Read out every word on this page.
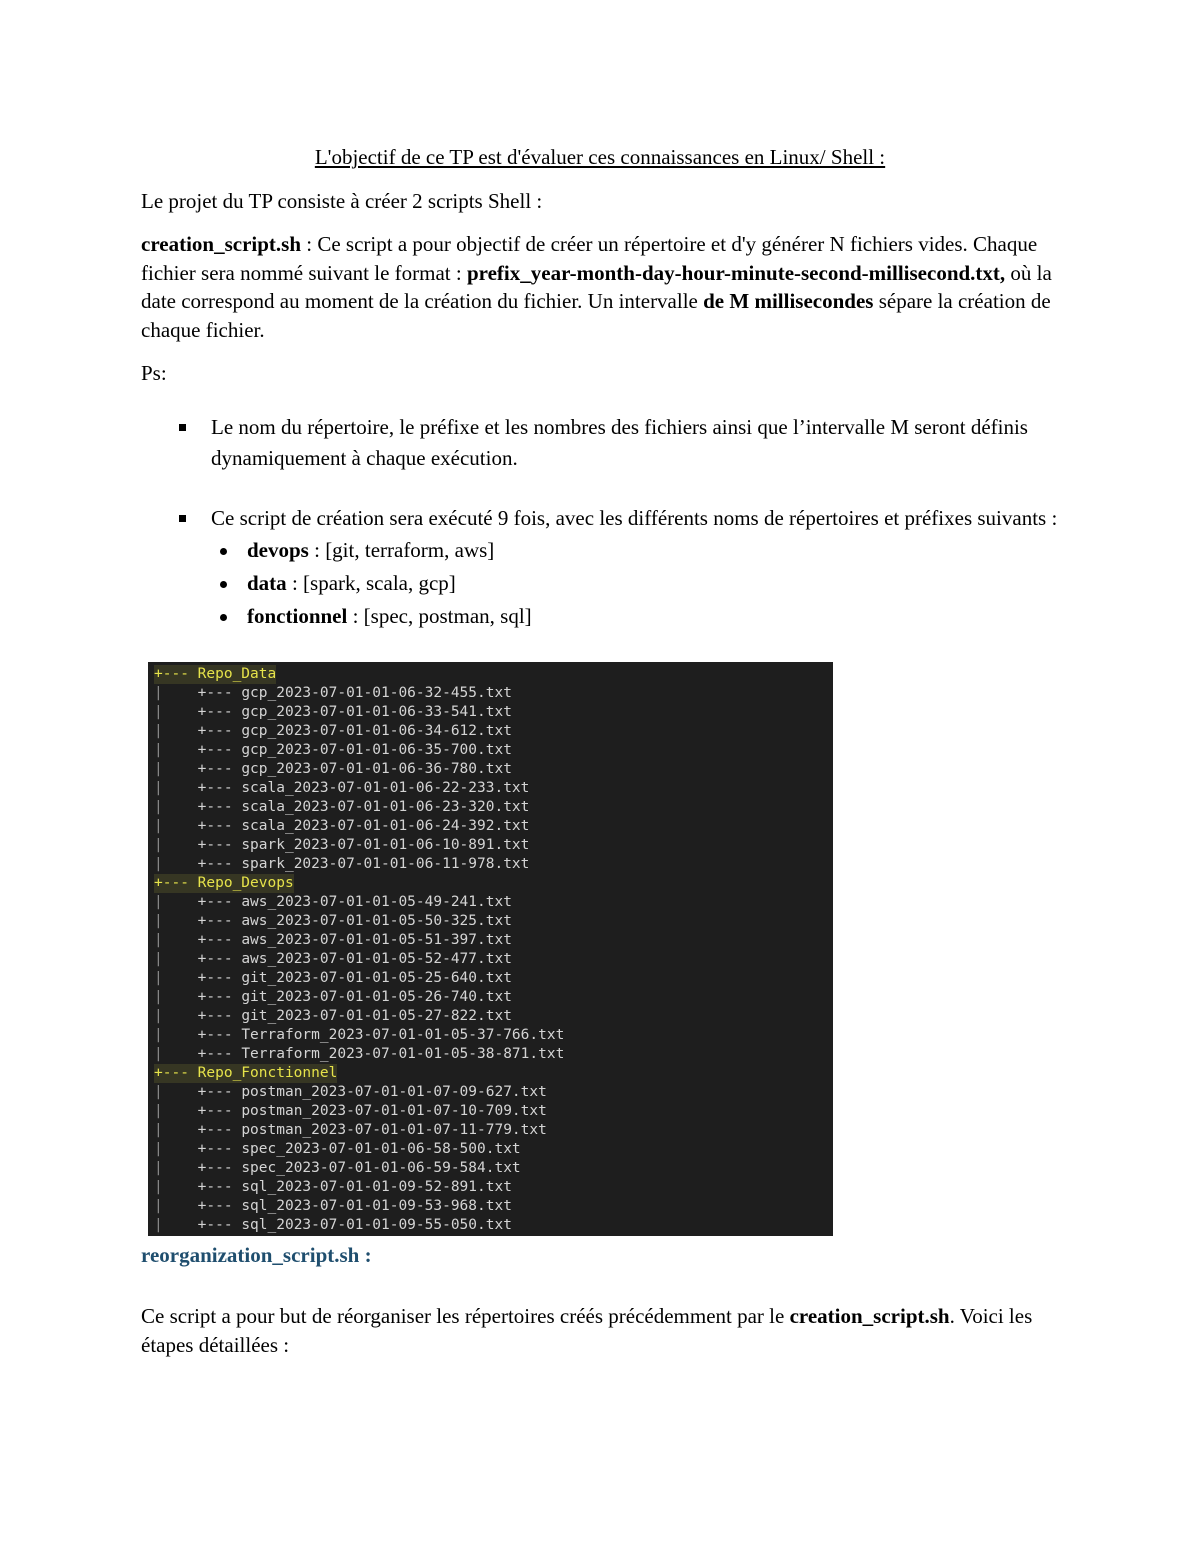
L'objectif de ce TP est d'évaluer ces connaissances en Linux/ Shell :
Le projet du TP consiste à créer 2 scripts Shell :
creation_script.sh : Ce script a pour objectif de créer un répertoire et d'y générer N fichiers vides. Chaque fichier sera nommé suivant le format : prefix_year-month-day-hour-minute-second-millisecond.txt, où la date correspond au moment de la création du fichier. Un intervalle de M millisecondes sépare la création de chaque fichier.
Ps:
Le nom du répertoire, le préfixe et les nombres des fichiers ainsi que l’intervalle M seront définis dynamiquement à chaque exécution.
Ce script de création sera exécuté 9 fois, avec les différents noms de répertoires et préfixes suivants :
devops : [git, terraform, aws]
data : [spark, scala, gcp]
fonctionnel : [spec, postman, sql]
+--- Repo_Data
|    +--- gcp_2023-07-01-01-06-32-455.txt
|    +--- gcp_2023-07-01-01-06-33-541.txt
|    +--- gcp_2023-07-01-01-06-34-612.txt
|    +--- gcp_2023-07-01-01-06-35-700.txt
|    +--- gcp_2023-07-01-01-06-36-780.txt
|    +--- scala_2023-07-01-01-06-22-233.txt
|    +--- scala_2023-07-01-01-06-23-320.txt
|    +--- scala_2023-07-01-01-06-24-392.txt
|    +--- spark_2023-07-01-01-06-10-891.txt
|    +--- spark_2023-07-01-01-06-11-978.txt
+--- Repo_Devops
|    +--- aws_2023-07-01-01-05-49-241.txt
|    +--- aws_2023-07-01-01-05-50-325.txt
|    +--- aws_2023-07-01-01-05-51-397.txt
|    +--- aws_2023-07-01-01-05-52-477.txt
|    +--- git_2023-07-01-01-05-25-640.txt
|    +--- git_2023-07-01-01-05-26-740.txt
|    +--- git_2023-07-01-01-05-27-822.txt
|    +--- Terraform_2023-07-01-01-05-37-766.txt
|    +--- Terraform_2023-07-01-01-05-38-871.txt
+--- Repo_Fonctionnel
|    +--- postman_2023-07-01-01-07-09-627.txt
|    +--- postman_2023-07-01-01-07-10-709.txt
|    +--- postman_2023-07-01-01-07-11-779.txt
|    +--- spec_2023-07-01-01-06-58-500.txt
|    +--- spec_2023-07-01-01-06-59-584.txt
|    +--- sql_2023-07-01-01-09-52-891.txt
|    +--- sql_2023-07-01-01-09-53-968.txt
|    +--- sql_2023-07-01-01-09-55-050.txt
reorganization_script.sh :
Ce script a pour but de réorganiser les répertoires créés précédemment par le creation_script.sh. Voici les étapes détaillées :
